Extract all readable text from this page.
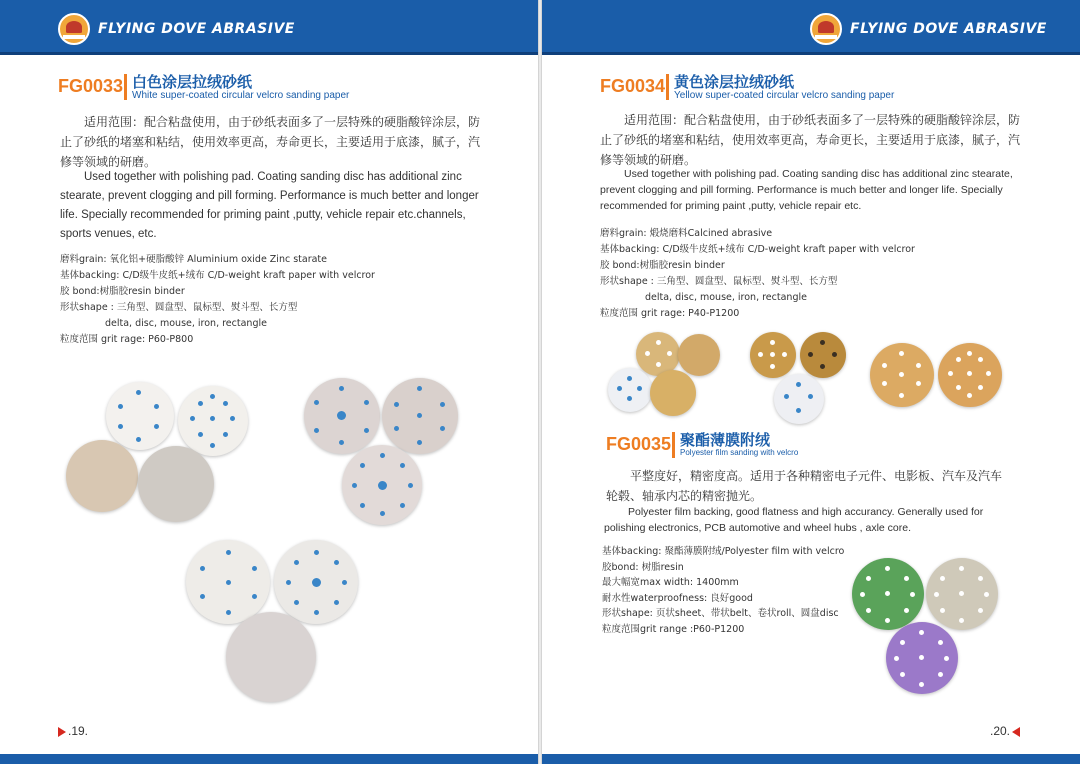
FLYING DOVE ABRASIVE
FG0033 白色涂层拉绒砂纸
White super-coated circular velcro sanding paper

适用范围：配合粘盘使用，由于砂纸表面多了一层特殊的硬脂酸锌涂层，防止了砂纸的堵塞和粘结，使用效率更高，寿命更长，主要适用于底漆，腻子，汽修等领域的研磨。

Used together with polishing pad. Coating sanding disc has additional zinc stearate, prevent clogging and pill forming. Performance is much better and longer life. Specially recommended for priming paint ,putty, vehicle repair etc.channels, sports venues, etc.

磨料grain: 氧化铝+硬脂酸锌 Aluminium oxide Zinc starate
基体backing: C/D级牛皮纸+绒布 C/D-weight kraft paper with velcror
胶 bond:树脂胶resin binder
形状shape : 三角型、圆盘型、鼠标型、熨斗型、长方型
delta, disc, mouse, iron, rectangle
粒度范围 grit rage: P60-P800
.19.
FLYING DOVE ABRASIVE
FG0034 黄色涂层拉绒砂纸
Yellow super-coated circular velcro sanding paper

适用范围：配合粘盘使用，由于砂纸表面多了一层特殊的硬脂酸锌涂层，防止了砂纸的堵塞和粘结，使用效率更高，寿命更长，主要适用于底漆，腻子，汽修等领域的研磨。

Used together with polishing pad. Coating sanding disc has additional zinc stearate, prevent clogging and pill forming. Performance is much better and longer life. Specially recommended for priming paint ,putty, vehicle repair etc.

磨料grain: 煅烧磨料Calcined abrasive
基体backing: C/D级牛皮纸+绒布 C/D-weight kraft paper with velcror
胶 bond:树脂胶resin binder
形状shape : 三角型、圆盘型、鼠标型、熨斗型、长方型
delta, disc, mouse, iron, rectangle
粒度范围 grit rage: P40-P1200
FG0035 聚酯薄膜附绒
Polyester film sanding with velcro

平整度好，精密度高。适用于各种精密电子元件、电影板、汽车及汽车轮毂、轴承内芯的精密抛光。

Polyester film backing, good flatness and high accurancy. Generally used for polishing electronics, PCB automotive and wheel hubs , axle core.

基体backing: 聚酯薄膜附绒/Polyester film with velcro
胶bond: 树脂resin
最大幅宽max width: 1400mm
耐水性waterproofness: 良好good
形状shape: 页状sheet、带状belt、卷状roll、圆盘disc
粒度范围grit range :P60-P1200
.20.
